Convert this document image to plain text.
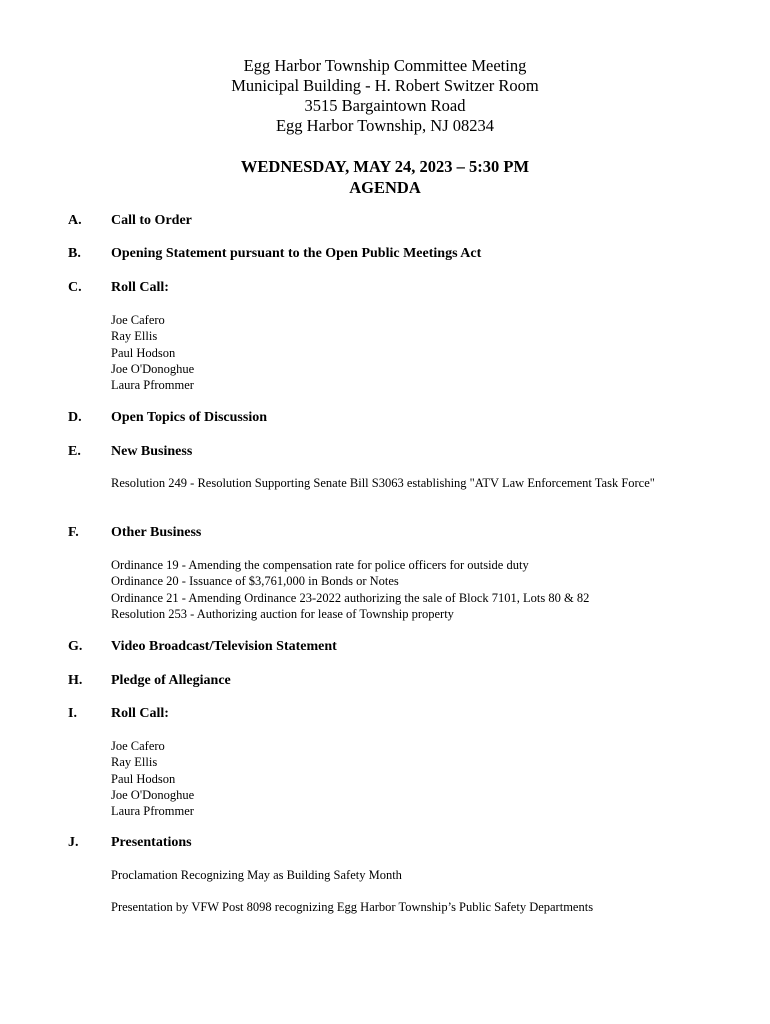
Egg Harbor Township Committee Meeting
Municipal Building - H. Robert Switzer Room
3515 Bargaintown Road
Egg Harbor Township, NJ 08234
WEDNESDAY, MAY 24, 2023 – 5:30 PM
AGENDA
A. Call to Order
B. Opening Statement pursuant to the Open Public Meetings Act
C. Roll Call:
Joe Cafero
Ray Ellis
Paul Hodson
Joe O'Donoghue
Laura Pfrommer
D. Open Topics of Discussion
E. New Business
Resolution 249 - Resolution Supporting Senate Bill S3063 establishing "ATV Law Enforcement Task Force"
F. Other Business
Ordinance 19 - Amending the compensation rate for police officers for outside duty
Ordinance 20 - Issuance of $3,761,000 in Bonds or Notes
Ordinance 21 - Amending Ordinance 23-2022 authorizing the sale of Block 7101, Lots 80 & 82
Resolution 253 - Authorizing auction for lease of Township property
G. Video Broadcast/Television Statement
H. Pledge of Allegiance
I. Roll Call:
Joe Cafero
Ray Ellis
Paul Hodson
Joe O'Donoghue
Laura Pfrommer
J. Presentations
Proclamation Recognizing May as Building Safety Month
Presentation by VFW Post 8098 recognizing Egg Harbor Township’s Public Safety Departments
